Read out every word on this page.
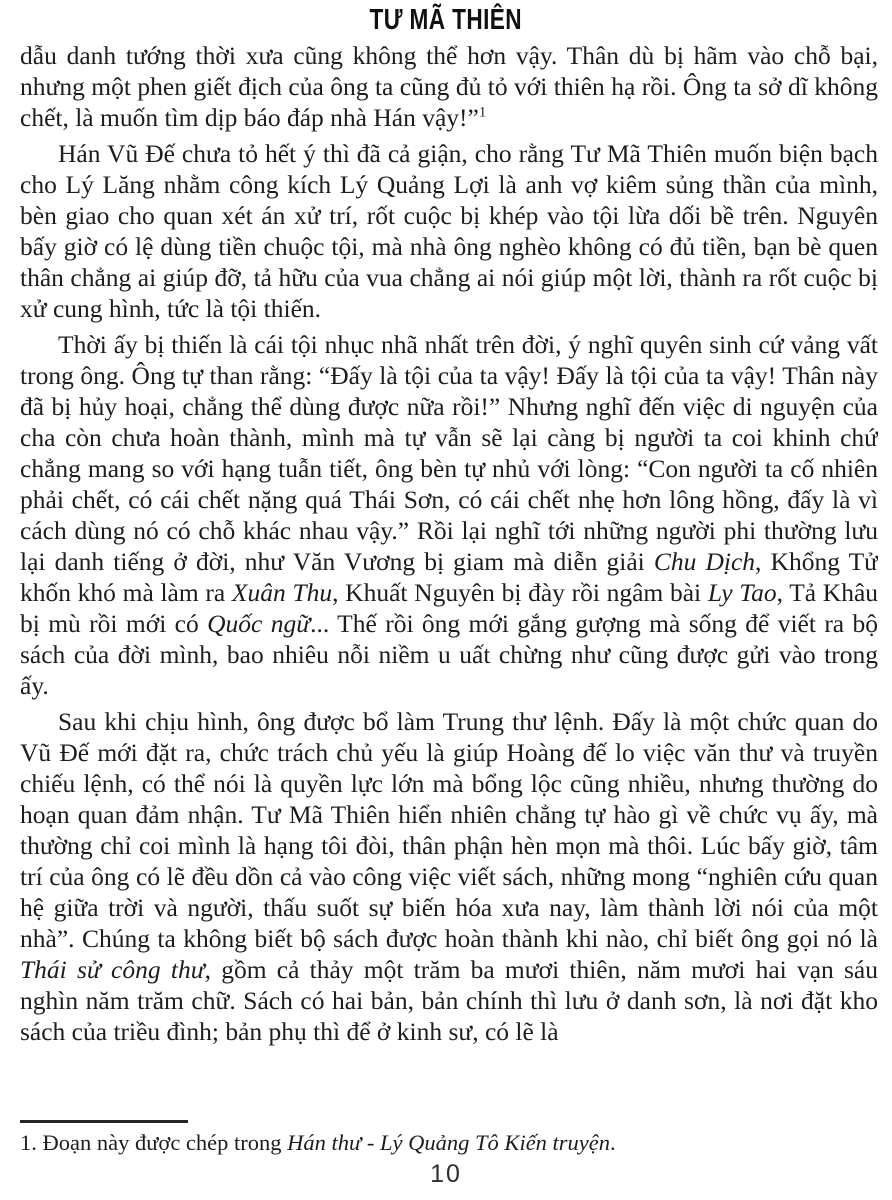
TƯ MÃ THIÊN

dẫu danh tướng thời xưa cũng không thể hơn vậy. Thân dù bị hãm vào chỗ bại, nhưng một phen giết địch của ông ta cũng đủ tỏ với thiên hạ rồi. Ông ta sở dĩ không chết, là muốn tìm dịp báo đáp nhà Hán vậy!”$^1$

Hán Vũ Đế chưa tỏ hết ý thì đã cả giận, cho rằng Tư Mã Thiên muốn biện bạch cho Lý Lăng nhằm công kích Lý Quảng Lợi là anh vợ kiêm sủng thần của mình, bèn giao cho quan xét án xử trí, rốt cuộc bị khép vào tội lừa dối bề trên. Nguyên bấy giờ có lệ dùng tiền chuộc tội, mà nhà ông nghèo không có đủ tiền, bạn bè quen thân chẳng ai giúp đỡ, tả hữu của vua chẳng ai nói giúp một lời, thành ra rốt cuộc bị xử cung hình, tức là tội thiến.

Thời ấy bị thiến là cái tội nhục nhã nhất trên đời, ý nghĩ quyên sinh cứ vảng vất trong ông. Ông tự than rằng: “Đấy là tội của ta vậy! Đấy là tội của ta vậy! Thân này đã bị hủy hoại, chẳng thể dùng được nữa rồi!” Nhưng nghĩ đến việc di nguyện của cha còn chưa hoàn thành, mình mà tự vẫn sẽ lại càng bị người ta coi khinh chứ chẳng mang so với hạng tuẫn tiết, ông bèn tự nhủ với lòng: “Con người ta cố nhiên phải chết, có cái chết nặng quá Thái Sơn, có cái chết nhẹ hơn lông hồng, đấy là vì cách dùng nó có chỗ khác nhau vậy.” Rồi lại nghĩ tới những người phi thường lưu lại danh tiếng ở đời, như Văn Vương bị giam mà diễn giải Chu Dịch, Khổng Tử khốn khó mà làm ra Xuân Thu, Khuất Nguyên bị đày rồi ngâm bài Ly Tao, Tả Khâu bị mù rồi mới có Quốc ngữ... Thế rồi ông mới gắng gượng mà sống để viết ra bộ sách của đời mình, bao nhiêu nỗi niềm u uất chừng như cũng được gửi vào trong ấy.

Sau khi chịu hình, ông được bổ làm Trung thư lệnh. Đấy là một chức quan do Vũ Đế mới đặt ra, chức trách chủ yếu là giúp Hoàng đế lo việc văn thư và truyền chiếu lệnh, có thể nói là quyền lực lớn mà bổng lộc cũng nhiều, nhưng thường do hoạn quan đảm nhận. Tư Mã Thiên hiển nhiên chẳng tự hào gì về chức vụ ấy, mà thường chỉ coi mình là hạng tôi đòi, thân phận hèn mọn mà thôi. Lúc bấy giờ, tâm trí của ông có lẽ đều dồn cả vào công việc viết sách, những mong “nghiên cứu quan hệ giữa trời và người, thấu suốt sự biến hóa xưa nay, làm thành lời nói của một nhà”. Chúng ta không biết bộ sách được hoàn thành khi nào, chỉ biết ông gọi nó là Thái sử công thư, gồm cả thảy một trăm ba mươi thiên, năm mươi hai vạn sáu nghìn năm trăm chữ. Sách có hai bản, bản chính thì lưu ở danh sơn, là nơi đặt kho sách của triều đình; bản phụ thì để ở kinh sư, có lẽ là

1. Đoạn này được chép trong Hán thư - Lý Quảng Tô Kiến truyện.

10
